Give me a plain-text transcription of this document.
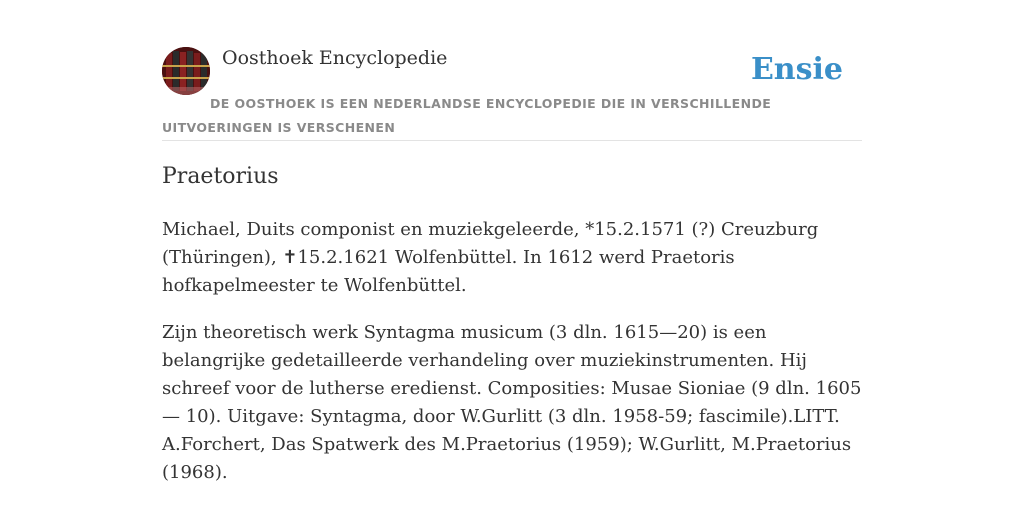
Oosthoek Encyclopedie	Ensie
DE OOSTHOEK IS EEN NEDERLANDSE ENCYCLOPEDIE DIE IN VERSCHILLENDE UITVOERINGEN IS VERSCHENEN
Praetorius

Michael, Duits componist en muziekgeleerde, *15.2.1571 (?) Creuzburg (Thüringen), ✝15.2.1621 Wolfenbüttel. In 1612 werd Praetoris hofkapelmeester te Wolfenbüttel.

Zijn theoretisch werk Syntagma musicum (3 dln. 1615—20) is een belangrijke gedetailleerde verhandeling over muziekinstrumenten. Hij schreef voor de lutherse eredienst. Composities: Musae Sioniae (9 dln. 1605— 10). Uitgave: Syntagma, door W.Gurlitt (3 dln. 1958-59; fascimile).LITT. A.Forchert, Das Spatwerk des M.Praetorius (1959); W.Gurlitt, M.Praetorius (1968).
